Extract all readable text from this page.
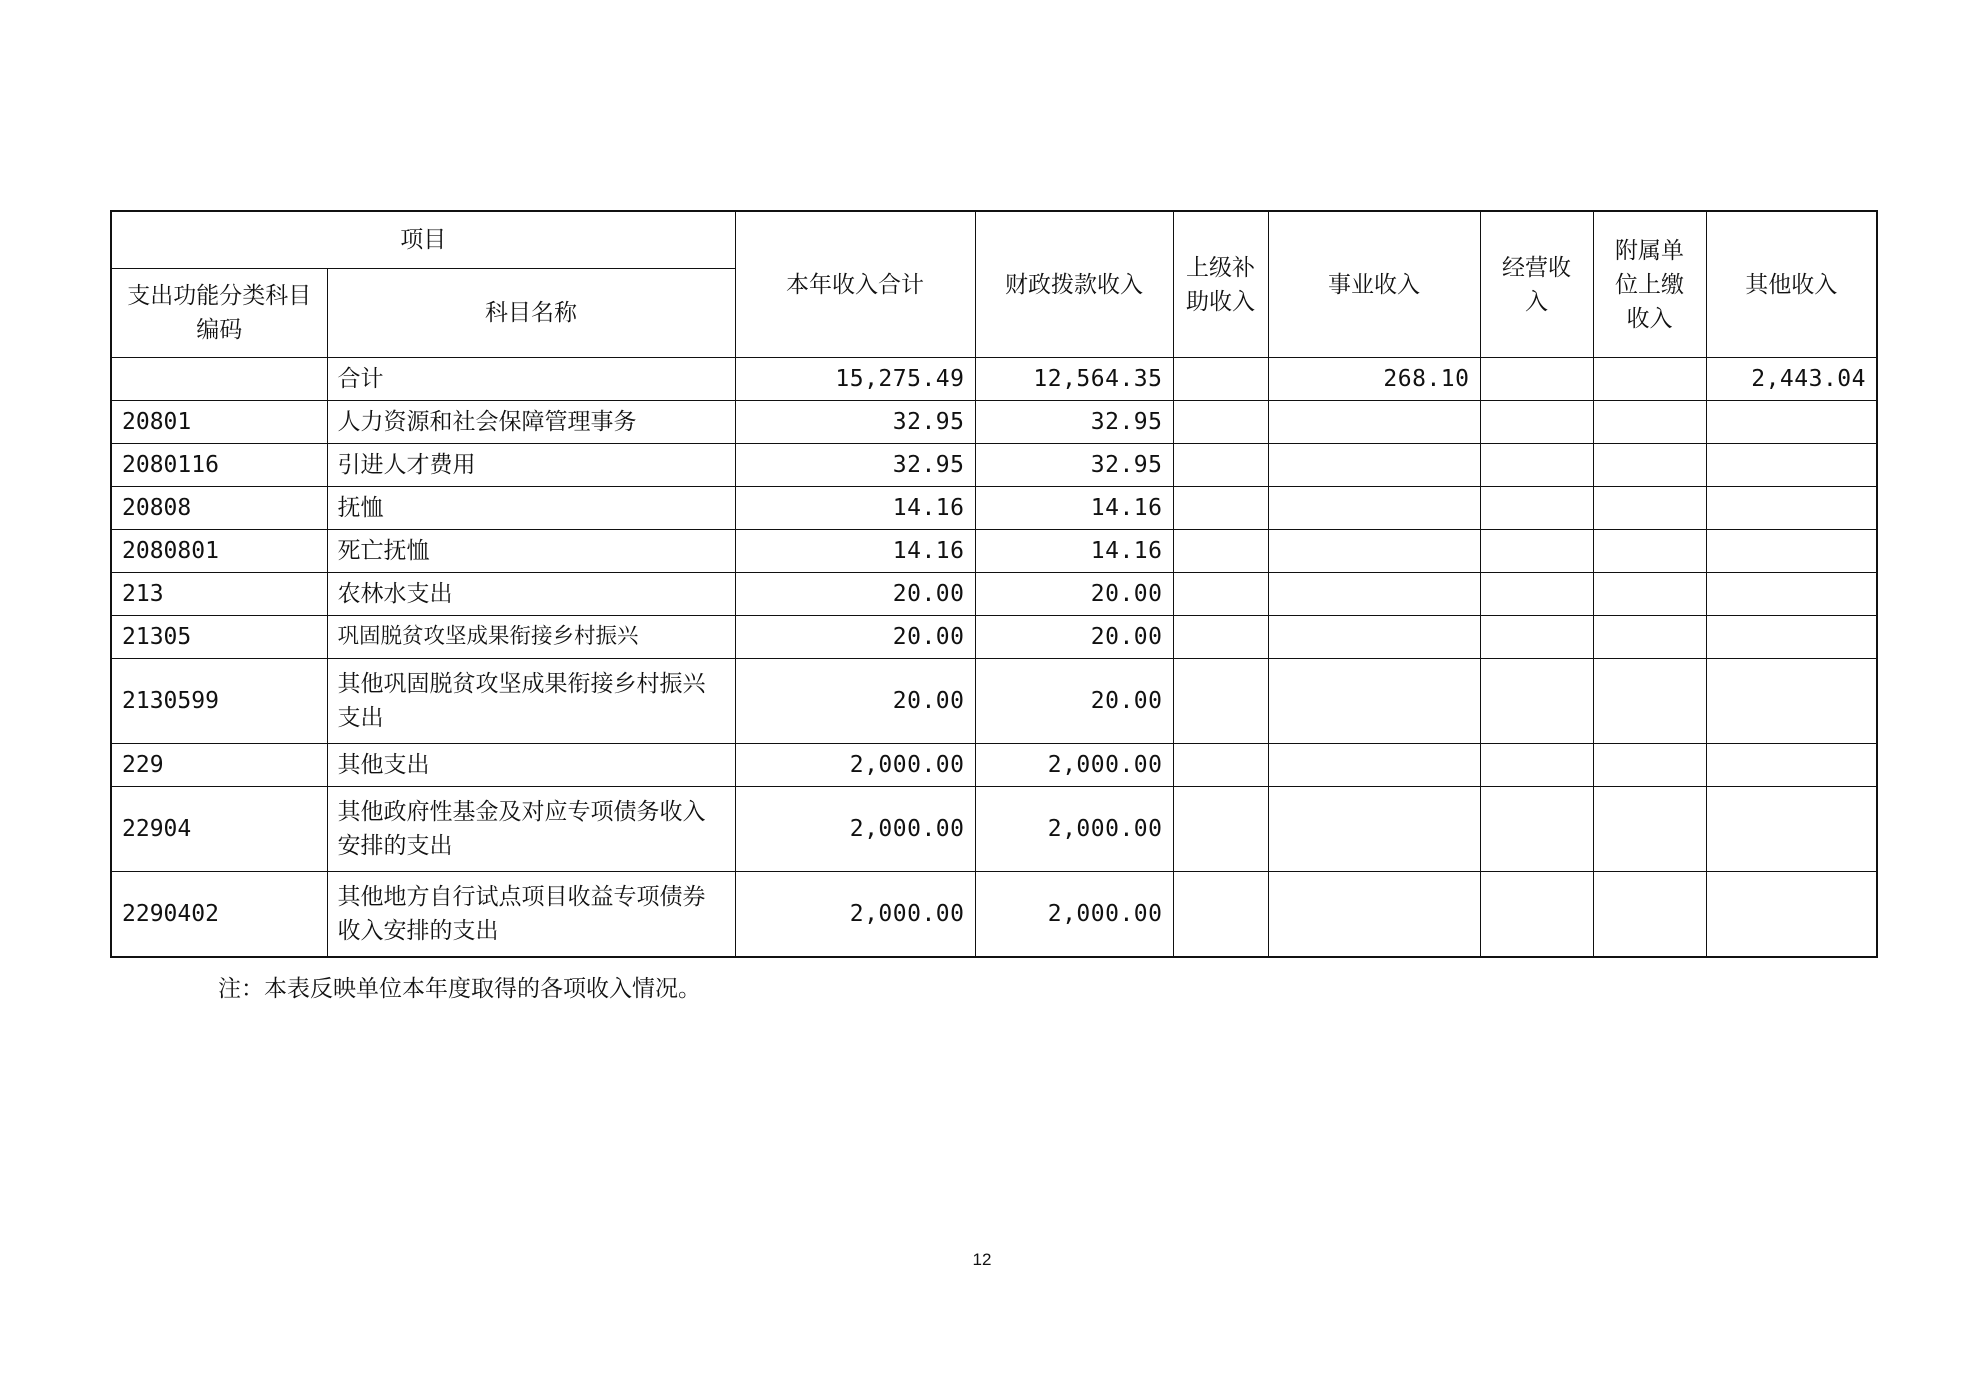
项目		本年收入合计	财政拨款收入	上级补助收入	事业收入	经营收入	附属单位上缴收入	其他收入
支出功能分类科目编码	科目名称							
	合计	15,275.49	12,564.35		268.10			2,443.04
20801	人力资源和社会保障管理事务	32.95	32.95					
2080116	引进人才费用	32.95	32.95					
20808	抚恤	14.16	14.16					
2080801	死亡抚恤	14.16	14.16					
213	农林水支出	20.00	20.00					
21305	巩固脱贫攻坚成果衔接乡村振兴	20.00	20.00					
2130599	其他巩固脱贫攻坚成果衔接乡村振兴支出	20.00	20.00					
229	其他支出	2,000.00	2,000.00					
22904	其他政府性基金及对应专项债务收入安排的支出	2,000.00	2,000.00					
2290402	其他地方自行试点项目收益专项债券收入安排的支出	2,000.00	2,000.00					
注：本表反映单位本年度取得的各项收入情况。
12
